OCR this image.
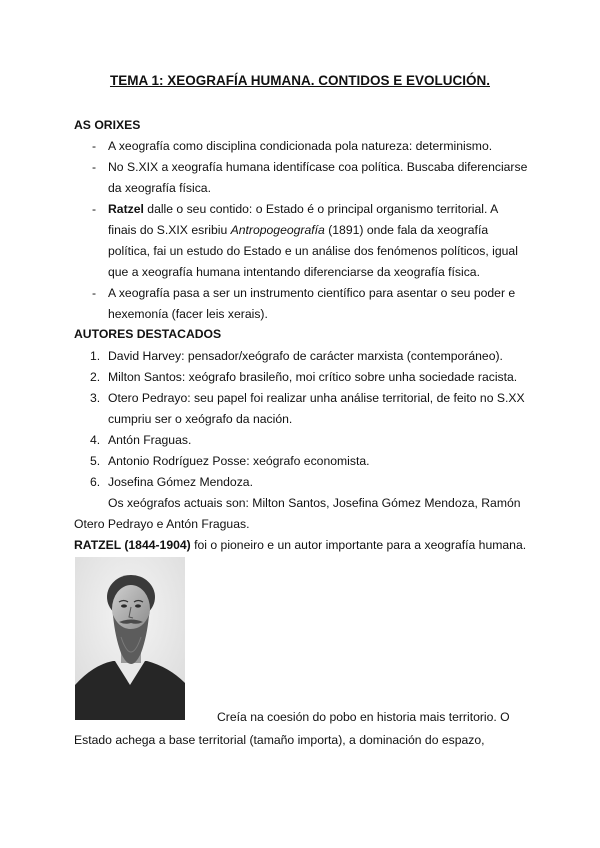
TEMA 1: XEOGRAFÍA HUMANA. CONTIDOS E EVOLUCIÓN.
AS ORIXES
- A xeografía como disciplina condicionada pola natureza: determinismo.
- No S.XIX a xeografía humana identifícase coa política. Buscaba diferenciarse
da xeografía física.
- Ratzel dalle o seu contido: o Estado é o principal organismo territorial. A
finais do S.XIX esribiu Antropogeografía (1891) onde fala da xeografía
política, fai un estudo do Estado e un análise dos fenómenos políticos, igual
que a xeografía humana intentando diferenciarse da xeografía física.
- A xeografía pasa a ser un instrumento científico para asentar o seu poder e
hexemonía (facer leis xerais).
AUTORES DESTACADOS
1. David Harvey: pensador/xeógrafo de carácter marxista (contemporáneo).
2. Milton Santos: xeógrafo brasileño, moi crítico sobre unha sociedade racista.
3. Otero Pedrayo: seu papel foi realizar unha análise territorial, de feito no S.XX
cumpriu ser o xeógrafo da nación.
4. Antón Fraguas.
5. Antonio Rodríguez Posse: xeógrafo economista.
6. Josefina Gómez Mendoza.
Os xeógrafos actuais son: Milton Santos, Josefina Gómez Mendoza, Ramón
Otero Pedrayo e Antón Fraguas.
RATZEL (1844-1904) foi o pioneiro e un autor importante para a xeografía humana.
Creía na coesión do pobo en historia mais territorio. O
Estado achega a base territorial (tamaño importa), a dominación do espazo,
